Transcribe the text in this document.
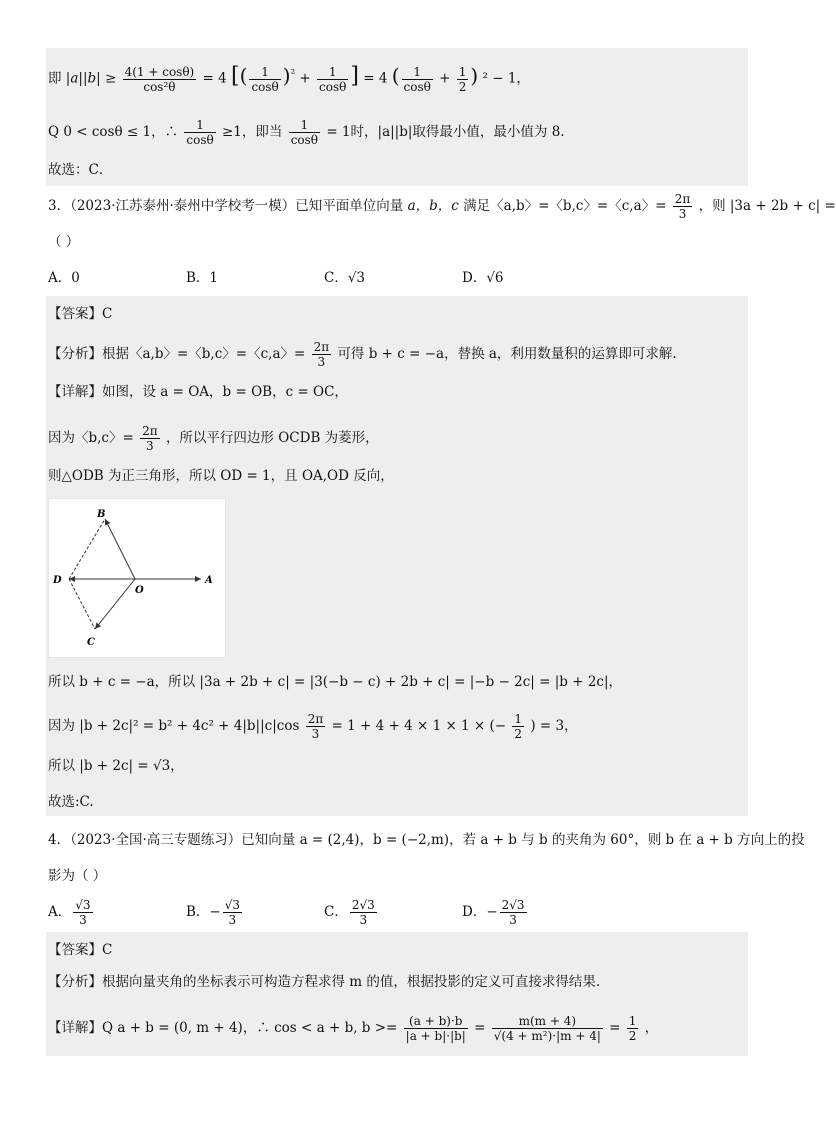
即 $|a||b| \ge \frac{4(1 + \cos\theta)}{\text{cos²θ}} = 4$ [( $\frac{1}{\cos\theta} )^{^2} + \frac{1}{\cos\theta}$ ] = 4 ( $\frac{1}{\cos\theta} + \frac{1}{2}$ ) ² − 1，
Q 0 < cosθ ≤ 1，∴ $\frac{1}{\cos\theta} \ge 1$，即当 $\frac{1}{\cos\theta} = 1$时，|a||b|取得最小值，最小值为 8.
故选：C．
3．（2023·江苏泰州·泰州中学校考一模）已知平面单位向量 a，b，c 满足〈a,b〉=〈b,c〉=〈c,a〉= $\frac{2\pi}{3}$ ，则 |3a + 2b + c| =
（ ）
A．0	B．1	C．√3	D．√6
【答案】C
【分析】根据〈a,b〉=〈b,c〉=〈c,a〉= $\frac{2\pi}{3}$ 可得 b + c = −a，替换 a，利用数量积的运算即可求解.
【详解】如图，设 a = OA，b = OB，c = OC，
因为〈b,c〉= $\frac{2\pi}{3}$ ，所以平行四边形 OCDB 为菱形，
则△ODB 为正三角形，所以 OD = 1，且 OA,OD 反向，
B
D
O
A
C
所以 b + c = −a，所以 |3a + 2b + c| = |3(−b − c) + 2b + c| = |−b − 2c| = |b + 2c|，
因为 $|b + 2c|^2 = b^2 + 4c^2 + 4|b||c|\cos \frac{2\pi}{3} = 1 + 4 + 4 \times 1 \times 1$ × (− $\frac{1}{2}$ ) = 3，
所以 |b + 2c| = √3，
故选:C.
4．（2023·全国·高三专题练习）已知向量 a = (2,4)，b = (−2,m)，若 a + b 与 b 的夹角为 60°，则 b 在 a + b 方向上的投
影为（ ）
A． $\frac{√3}{3}$	B．− $\frac{√3}{3}$	C． $\frac{2√3}{3}$	D．− $\frac{2√3}{3}$
【答案】C
【分析】根据向量夹角的坐标表示可构造方程求得 m 的值，根据投影的定义可直接求得结果.
【详解】Q a + b = (0, m + 4)，∴ cos < a + b, $b >= \frac{(a + b)\cdot b}{|a + b|\cdot|b|} = \frac{m(m + 4)}{\text{√(4 + m²)·|m + 4|}} = \frac{1}{2}$ ，
